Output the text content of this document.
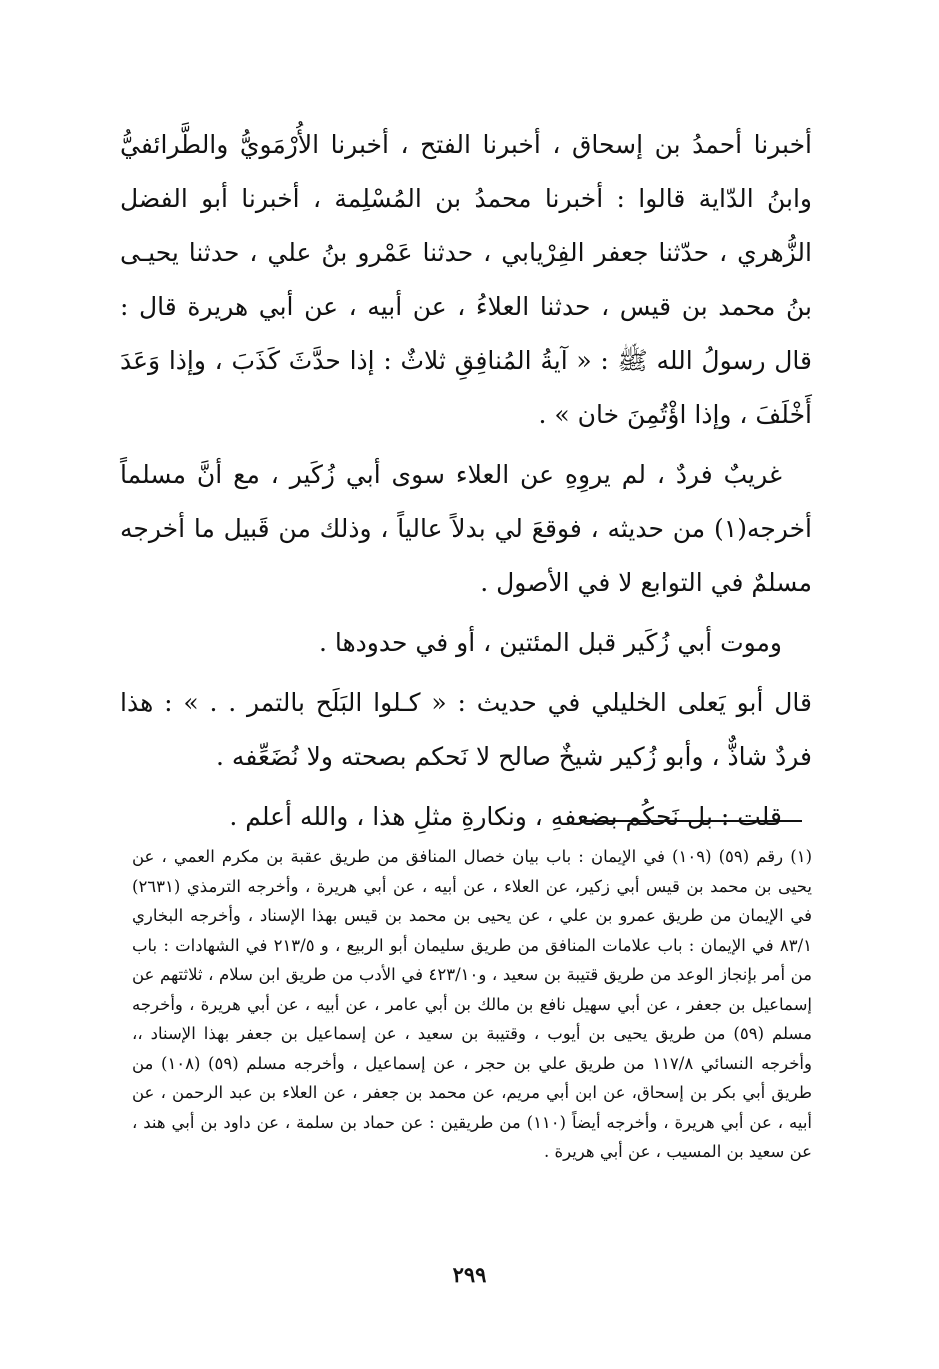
أخبرنا أحمدُ بن إسحاق ، أخبرنا الفتح ، أخبرنا الأُرْمَويُّ والطَّرائفيُّ وابنُ الدّاية قالوا : أخبرنا محمدُ بن المُسْلِمة ، أخبرنا أبو الفضل الزُّهري ، حدّثنا جعفر الفِرْيابي ، حدثنا عَمْرو بنُ علي ، حدثنا يحيـى بنُ محمد بن قيس ، حدثنا العلاءُ ، عن أبيه ، عن أبي هريرة قال : قال رسولُ الله ﷺ : « آيةُ المُنافِقِ ثلاثٌ : إذا حدَّثَ كَذَبَ ، وإذا وَعَدَ أَخْلَفَ ، وإذا اؤْتُمِنَ خان » .

غريبٌ فردٌ ، لم يروِهِ عن العلاء سوى أبي زُكَير ، مع أنَّ مسلماً أخرجه(١) من حديثه ، فوقعَ لي بدلاً عالياً ، وذلك من قَبيل ما أخرجه مسلمٌ في التوابع لا في الأصول .

وموت أبي زُكَير قبل المئتين ، أو في حدودها .

قال أبو يَعلى الخليلي في حديث : « كـلوا البَلَح بالتمر . . » : هذا فردٌ شاذٌّ ، وأبو زُكير شيخٌ صالح لا نَحكم بصحته ولا نُضَعِّفه .

قلت : بل نَحكُم بضعفهِ ، ونكارةِ مثلِ هذا ، والله أعلم .

(١) رقم (٥٩) (١٠٩) في الإيمان : باب بيان خصال المنافق من طريق عقبة بن مكرم العمي ، عن يحيى بن محمد بن قيس أبي زكير، عن العلاء ، عن أبيه ، عن أبي هريرة ، وأخرجه الترمذي (٢٦٣١) في الإيمان من طريق عمرو بن علي ، عن يحيى بن محمد بن قيس بهذا الإسناد ، وأخرجه البخاري ٨٣/١ في الإيمان : باب علامات المنافق من طريق سليمان أبو الربيع ، و ٢١٣/٥ في الشهادات : باب من أمر بإنجاز الوعد من طريق قتيبة بن سعيد ، و٤٢٣/١٠ في الأدب من طريق ابن سلام ، ثلاثتهم عن إسماعيل بن جعفر ، عن أبي سهيل نافع بن مالك بن أبي عامر ، عن أبيه ، عن أبي هريرة ، وأخرجه مسلم (٥٩) من طريق يحيى بن أيوب ، وقتيبة بن سعيد ، عن إسماعيل بن جعفر بهذا الإسناد ،، وأخرجه النسائي ١١٧/٨ من طريق علي بن حجر ، عن إسماعيل ، وأخرجه مسلم (٥٩) (١٠٨) من طريق أبي بكر بن إسحاق، عن ابن أبي مريم، عن محمد بن جعفر ، عن العلاء بن عبد الرحمن ، عن أبيه ، عن أبي هريرة ، وأخرجه أيضاً (١١٠) من طريقين : عن حماد بن سلمة ، عن داود بن أبي هند ، عن سعيد بن المسيب ، عن أبي هريرة .

٢٩٩
